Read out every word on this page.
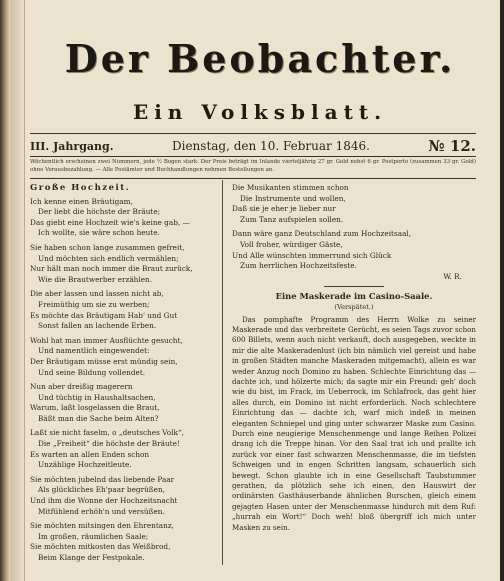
Der Beobachter.
Ein Volksblatt.
III. Jahrgang.	Dienstag, den 10. Februar 1846.	№ 12.
Wöchentlich erscheinen zwei Nummern, jede ½ Bogen stark. Der Preis beträgt im Inlande vierteljährig 27 gr. Gold nebst 6 gr. Postporto (zusammen 33 gr. Gold) ohne Vorausbezahlung. — Alle Postämter und Buchhandlungen nehmen Bestellungen an.
Große Hochzeit.
Ich kenne einen Bräutigam,
Der liebt die höchste der Bräute;
Das giebt eine Hochzeit wie's keine gab, —
Ich wollte, sie wäre schon heute.
Sie haben schon lange zusammen gefreit,
Und möchten sich endlich vermählen;
Nur hält man noch immer die Braut zurück,
Wie die Brautwerber erzählen.
Die aber lassen und lassen nicht ab,
Freimüthig um sie zu werben;
Es möchte das Bräutigam Hab' und Gut
Sonst fallen an lachende Erben.
Wohl hat man immer Ausflüchte gesucht,
Und namentlich eingewendet:
Der Bräutigam müsse erst mündig sein,
Und seine Bildung vollendet.
Nun aber dreißig magerern
Und tüchtig in Haushaltsachen,
Warum, laßt losgelassen die Braut,
Bäßt man die Sache beim Alten?
Laßt sie nicht faselm, o „deutsches Volk“,
Die „Freiheit“ die höchste der Bräute!
Es warten an allen Enden schon
Unzählige Hochzeitleute.
Sie möchten jubelnd das liebende Paar
Als glückliches Eh'paar begrüßen,
Und ihm die Wonne der Hochzeitsnacht
Mitfühlend erhöh'n und versüßen.
Sie möchten mitsingen den Ehrentanz,
Im großen, räumlichen Saale;
Sie möchten mitkosten das Weißbrod,
Beim Klange der Festpokale.
Die Musikanten stimmen schon
Die Instrumente und wollen,
Daß sie je eher je lieber nur
Zum Tanz aufspielen sollen.
Dann wäre ganz Deutschland zum Hochzeitsaal,
Voll froher, würdiger Gäste,
Und Alle wünschten immerrund sich Glück
Zum herrlichen Hochzeitsfeste.
W. R.
Eine Maskerade im Casino-Saale.
(Verspätet.)
Das pomphafte Programm des Herrn Wolke zu seiner Maskerade und das verbreitete Gerücht, es seien Tags zuvor schon 600 Billets, wenn auch nicht verkauft, doch ausgegeben, weckte in mir die alte Maskeradenlust (ich bin nämlich viel gereist und habe in großen Städten manche Maskeraden mitgemacht), allein es war weder Anzug noch Domino zu haben. Schlechte Einrichtung das — dachte ich, und hölzerte mich; da sagte mir ein Freund: geh' doch wie du bist, im Frack, im Ueberrock, im Schlafrock, das geht hier alles durch, ein Domino ist nicht erforderlich. Noch schlechtere Einrichtung das — dachte ich, warf mich indeß in meinen eleganten Schniepel und ging unter schwarzer Maske zum Casino. Durch eine neugierige Menschenmenge und lange Reihen Polizei drang ich die Treppe hinan. Vor den Saal trat ich und prallte ich zurück vor einer fast schwarzen Menschenmasse, die im tiefsten Schweigen und in engen Schritten langsam, schauerlich sich bewegt. Schon glaubte ich in eine Gesellschaft Taubstummer gerathen, da plötzlich sehe ich einen, den Hauswirt der ordinärsten Gasthäuserbande ähnlichen Burschen, gleich einem gejagten Hasen unter der Menschenmasse hindurch mit dem Ruf: „hurrah ein Wort!“ Doch weh! bloß übergriff ich mich unter Masken zu sein.
